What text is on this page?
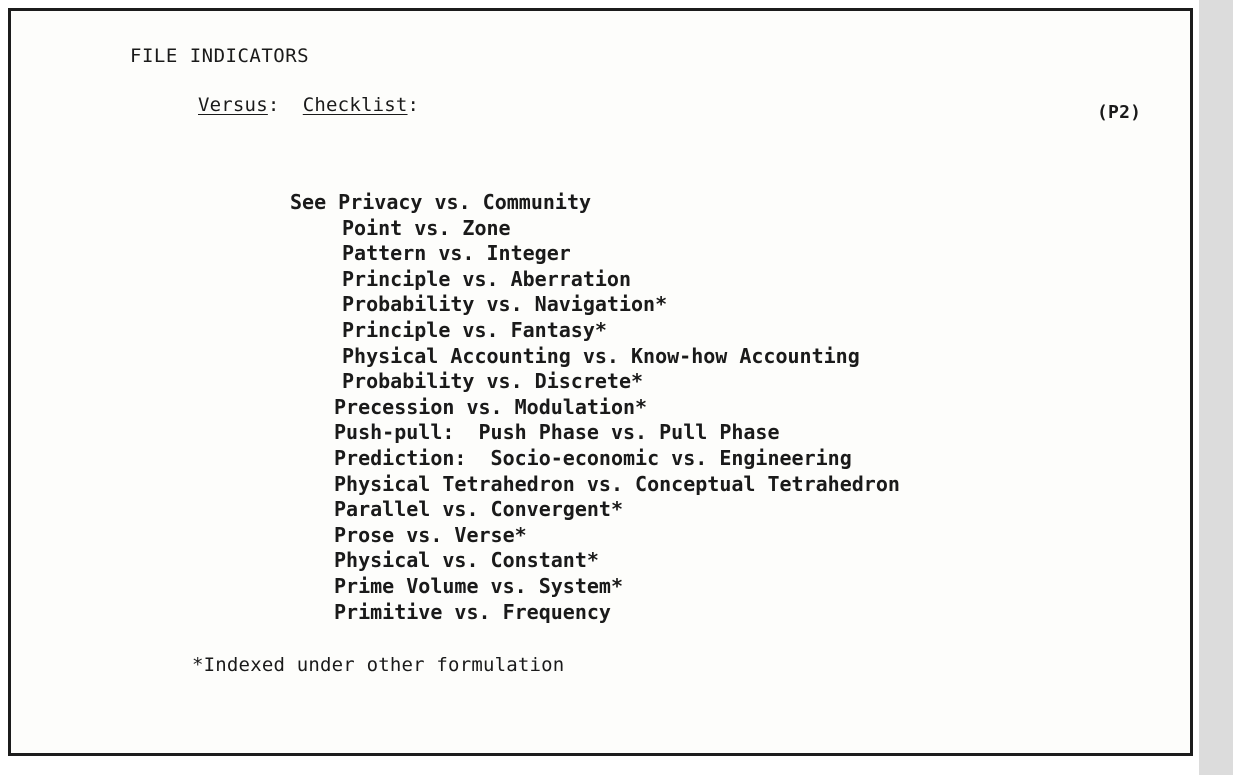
FILE INDICATORS
Versus: Checklist:	(P2)
See Privacy vs. Community
Point vs. Zone
Pattern vs. Integer
Principle vs. Aberration
Probability vs. Navigation*
Principle vs. Fantasy*
Physical Accounting vs. Know-how Accounting
Probability vs. Discrete*
Precession vs. Modulation*
Push-pull:  Push Phase vs. Pull Phase
Prediction:  Socio-economic vs. Engineering
Physical Tetrahedron vs. Conceptual Tetrahedron
Parallel vs. Convergent*
Prose vs. Verse*
Physical vs. Constant*
Prime Volume vs. System*
Primitive vs. Frequency
*Indexed under other formulation
